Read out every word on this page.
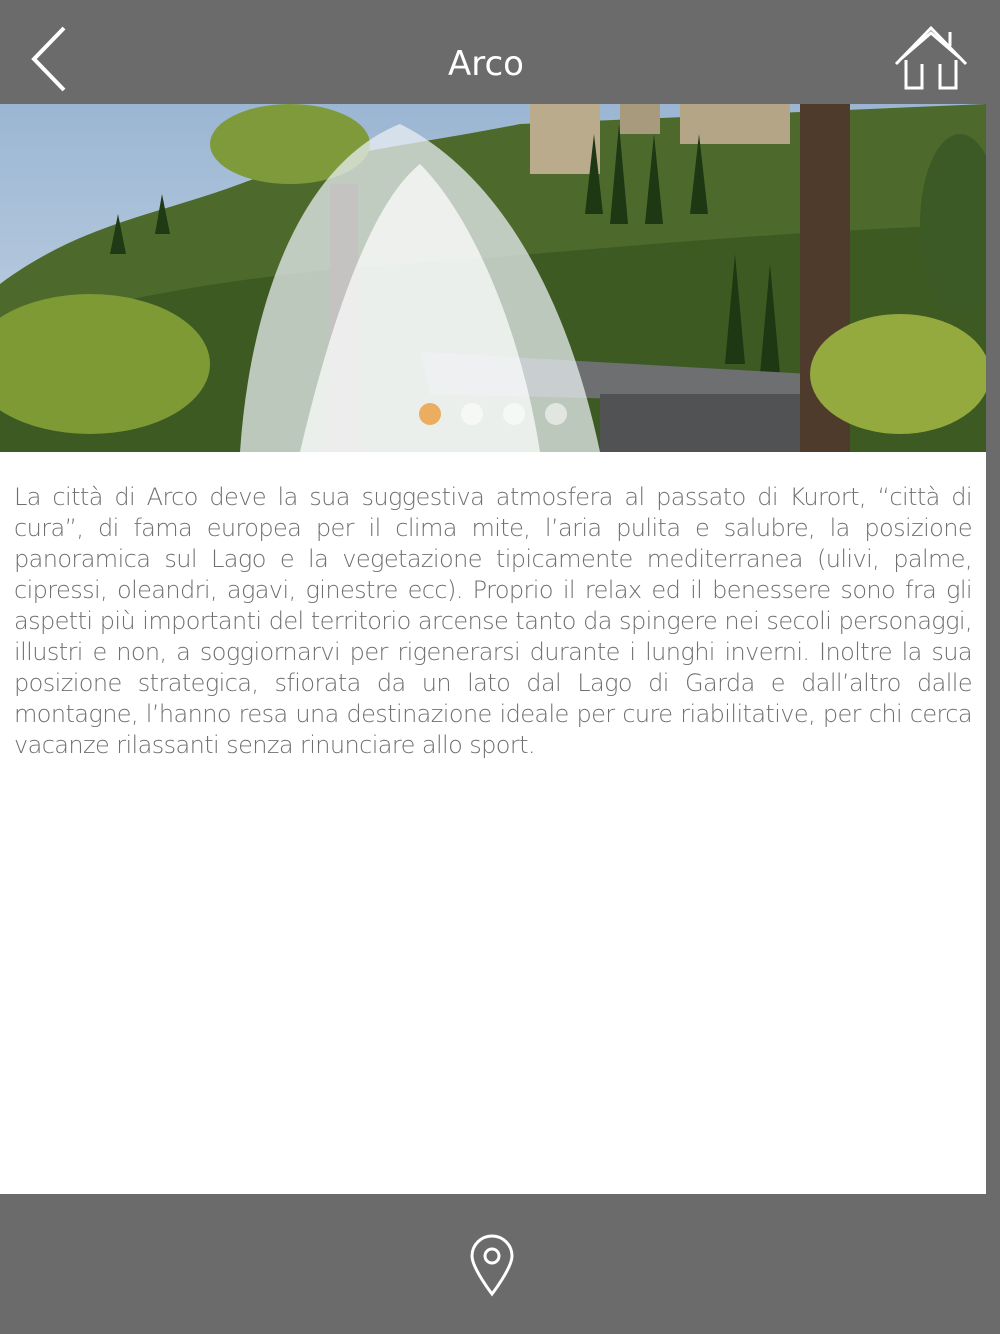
Arco

La città di Arco deve la sua suggestiva atmosfera al passato di Kurort, “città di cura”, di fama europea per il clima mite, l’aria pulita e salubre, la posizione panoramica sul Lago e la vegetazione tipicamente mediterranea (ulivi, palme, cipressi, oleandri, agavi, ginestre ecc). Proprio il relax ed il benessere sono fra gli aspetti più importanti del territorio arcense tanto da spingere nei secoli personaggi, illustri e non, a soggiornarvi per rigenerarsi durante i lunghi inverni. Inoltre la sua posizione strategica, sfiorata da un lato dal Lago di Garda e dall’altro dalle montagne, l’hanno resa una destinazione ideale per cure riabilitative, per chi cerca vacanze rilassanti senza rinunciare allo sport.
